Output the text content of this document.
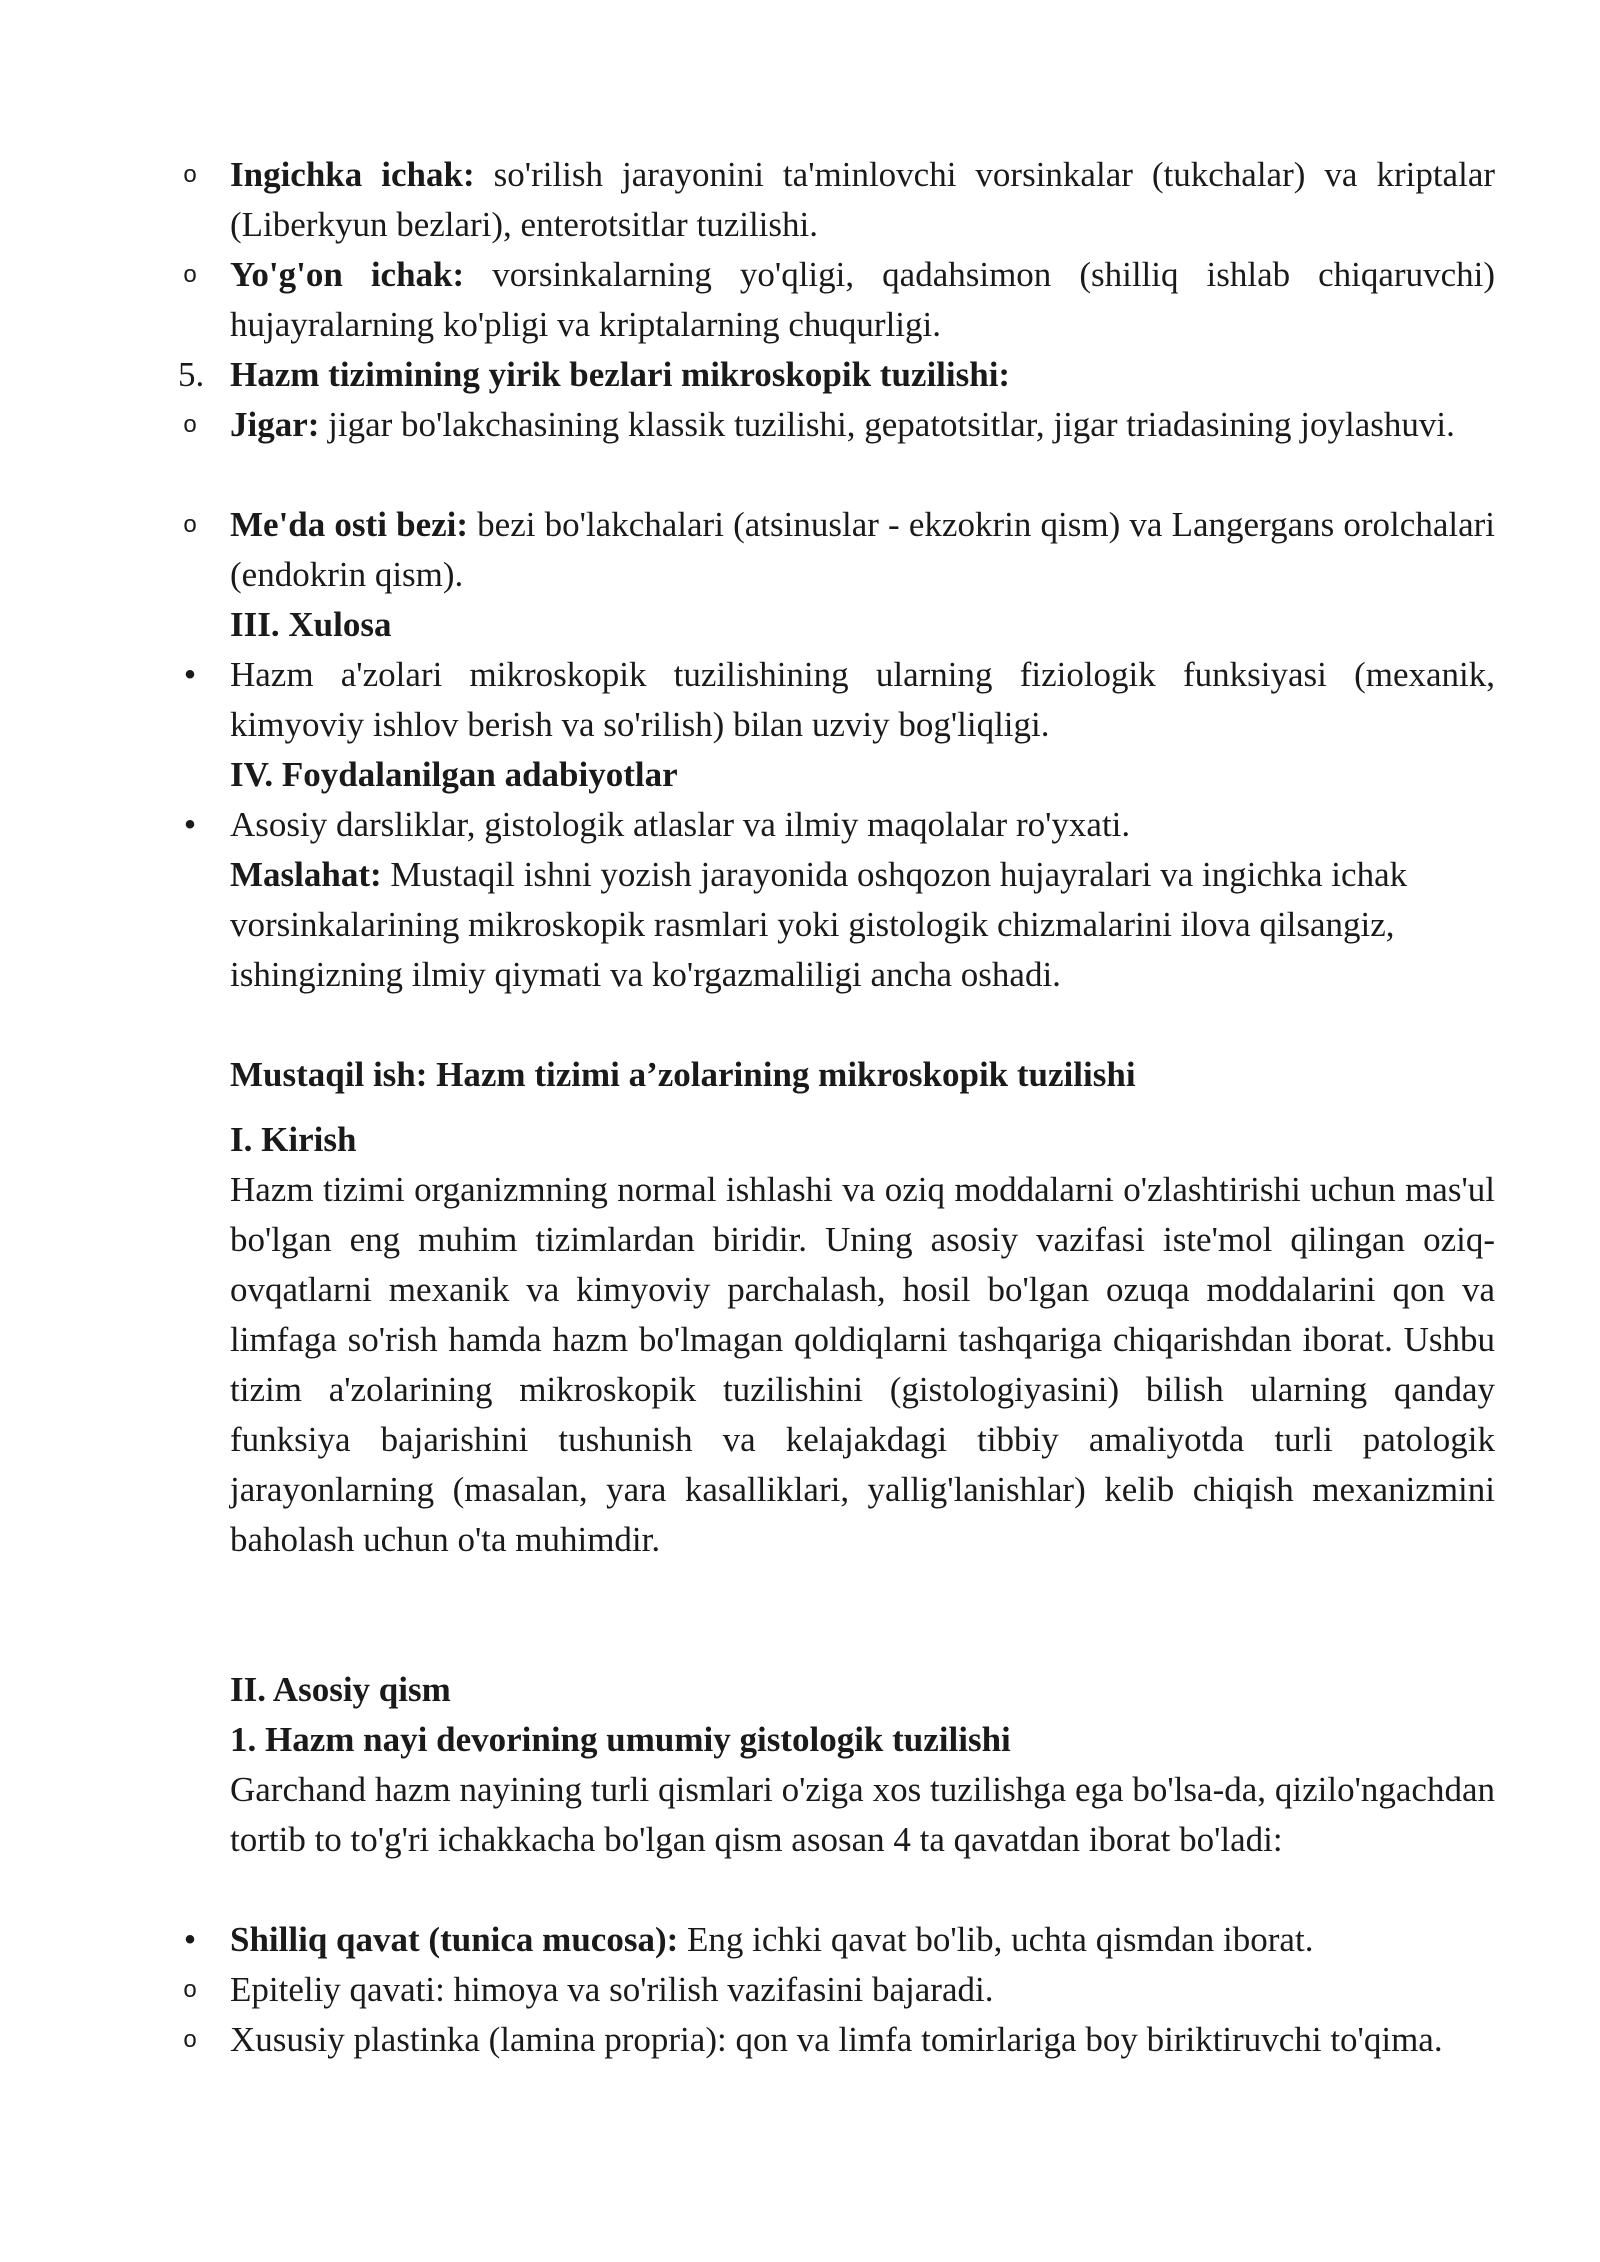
o Ingichka ichak: so'rilish jarayonini ta'minlovchi vorsinkalar (tukchalar) va kriptalar (Liberkyun bezlari), enterotsitlar tuzilishi.

o Yo'g'on ichak: vorsinkalarning yo'qligi, qadahsimon (shilliq ishlab chiqaruvchi) hujayralarning ko'pligi va kriptalarning chuqurligi.

5. Hazm tizimining yirik bezlari mikroskopik tuzilishi:

o Jigar: jigar bo'lakchasining klassik tuzilishi, gepatotsitlar, jigar triadasining joylashuvi.

o Me'da osti bezi: bezi bo'lakchalari (atsinuslar - ekzokrin qism) va Langergans orolchalari (endokrin qism).

III. Xulosa

• Hazm a'zolari mikroskopik tuzilishining ularning fiziologik funksiyasi (mexanik, kimyoviy ishlov berish va so'rilish) bilan uzviy bog'liqligi.

IV. Foydalanilgan adabiyotlar

• Asosiy darsliklar, gistologik atlaslar va ilmiy maqolalar ro'yxati.

Maslahat: Mustaqil ishni yozish jarayonida oshqozon hujayralari va ingichka ichak vorsinkalarining mikroskopik rasmlari yoki gistologik chizmalarini ilova qilsangiz, ishingizning ilmiy qiymati va ko'rgazmaliligi ancha oshadi.

Mustaqil ish: Hazm tizimi a’zolarining mikroskopik tuzilishi

I. Kirish

Hazm tizimi organizmning normal ishlashi va oziq moddalarni o'zlashtirishi uchun mas'ul bo'lgan eng muhim tizimlardan biridir. Uning asosiy vazifasi iste'mol qilingan oziq-ovqatlarni mexanik va kimyoviy parchalash, hosil bo'lgan ozuqa moddalarini qon va limfaga so'rish hamda hazm bo'lmagan qoldiqlarni tashqariga chiqarishdan iborat. Ushbu tizim a'zolarining mikroskopik tuzilishini (gistologiyasini) bilish ularning qanday funksiya bajarishini tushunish va kelajakdagi tibbiy amaliyotda turli patologik jarayonlarning (masalan, yara kasalliklari, yallig'lanishlar) kelib chiqish mexanizmini baholash uchun o'ta muhimdir.

II. Asosiy qism

1. Hazm nayi devorining umumiy gistologik tuzilishi

Garchand hazm nayining turli qismlari o'ziga xos tuzilishga ega bo'lsa-da, qizilo'ngachdan tortib to to'g'ri ichakkacha bo'lgan qism asosan 4 ta qavatdan iborat bo'ladi:

• Shilliq qavat (tunica mucosa): Eng ichki qavat bo'lib, uchta qismdan iborat.

o Epiteliy qavati: himoya va so'rilish vazifasini bajaradi.

o Xususiy plastinka (lamina propria): qon va limfa tomirlariga boy biriktiruvchi to'qima.
